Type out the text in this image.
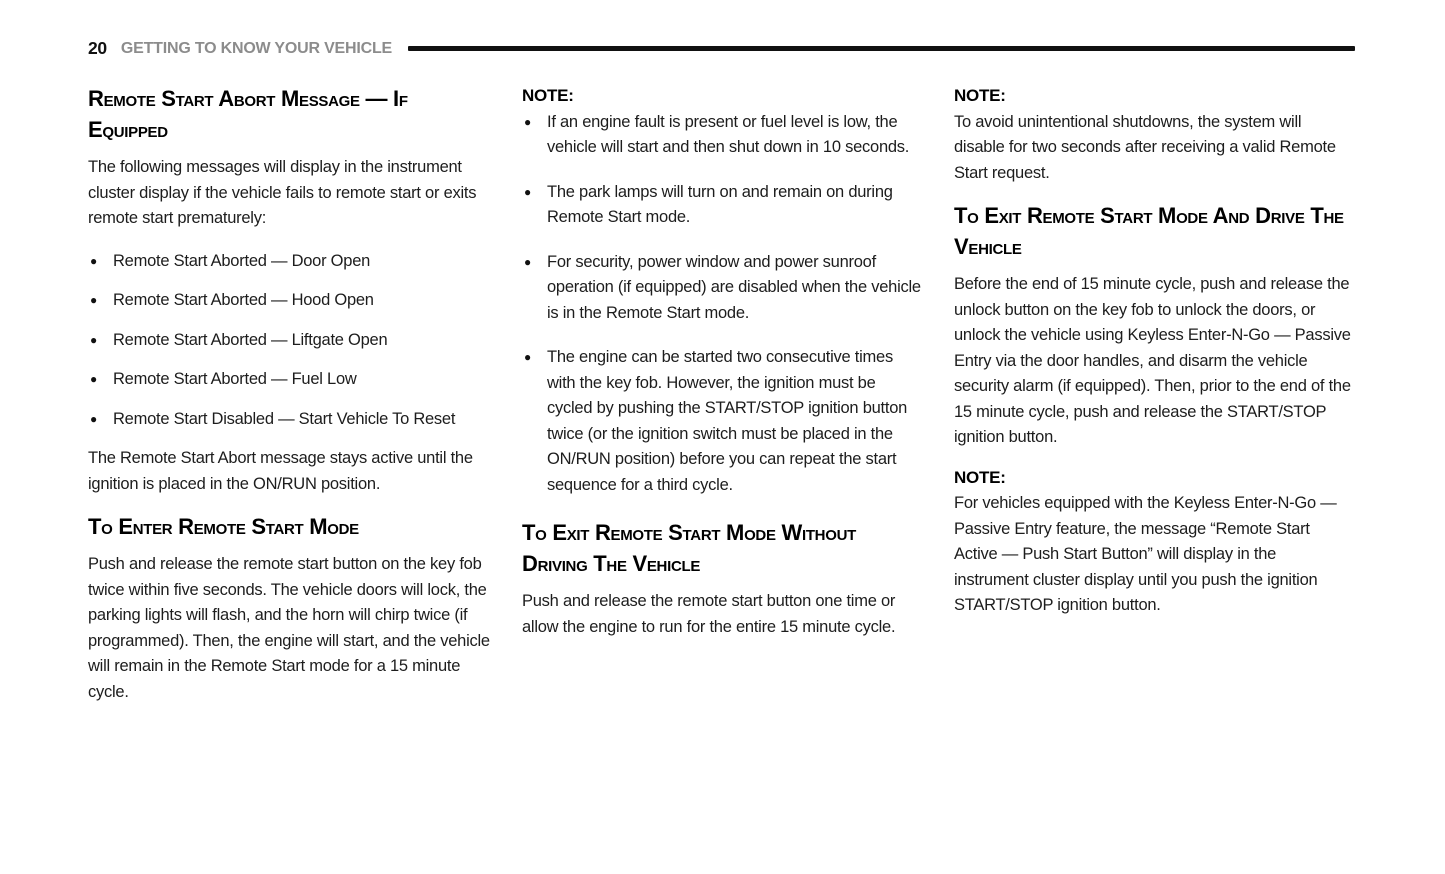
20 GETTING TO KNOW YOUR VEHICLE
Remote Start Abort Message — If Equipped

The following messages will display in the instrument cluster display if the vehicle fails to remote start or exits remote start prematurely:

● Remote Start Aborted — Door Open
● Remote Start Aborted — Hood Open
● Remote Start Aborted — Liftgate Open
● Remote Start Aborted — Fuel Low
● Remote Start Disabled — Start Vehicle To Reset

The Remote Start Abort message stays active until the ignition is placed in the ON/RUN position.

To Enter Remote Start Mode

Push and release the remote start button on the key fob twice within five seconds. The vehicle doors will lock, the parking lights will flash, and the horn will chirp twice (if programmed). Then, the engine will start, and the vehicle will remain in the Remote Start mode for a 15 minute cycle.

NOTE:

● If an engine fault is present or fuel level is low, the vehicle will start and then shut down in 10 seconds.
● The park lamps will turn on and remain on during Remote Start mode.
● For security, power window and power sunroof operation (if equipped) are disabled when the vehicle is in the Remote Start mode.
● The engine can be started two consecutive times with the key fob. However, the ignition must be cycled by pushing the START/STOP ignition button twice (or the ignition switch must be placed in the ON/RUN position) before you can repeat the start sequence for a third cycle.
To Exit Remote Start Mode Without Driving The Vehicle

Push and release the remote start button one time or allow the engine to run for the entire 15 minute cycle.

NOTE:

To avoid unintentional shutdowns, the system will disable for two seconds after receiving a valid Remote Start request.

To Exit Remote Start Mode And Drive The Vehicle

Before the end of 15 minute cycle, push and release the unlock button on the key fob to unlock the doors, or unlock the vehicle using Keyless Enter-N-Go — Passive Entry via the door handles, and disarm the vehicle security alarm (if equipped). Then, prior to the end of the 15 minute cycle, push and release the START/STOP ignition button.

NOTE:

For vehicles equipped with the Keyless Enter-N-Go — Passive Entry feature, the message “Remote Start Active — Push Start Button” will display in the instrument cluster display until you push the ignition START/STOP ignition button.
